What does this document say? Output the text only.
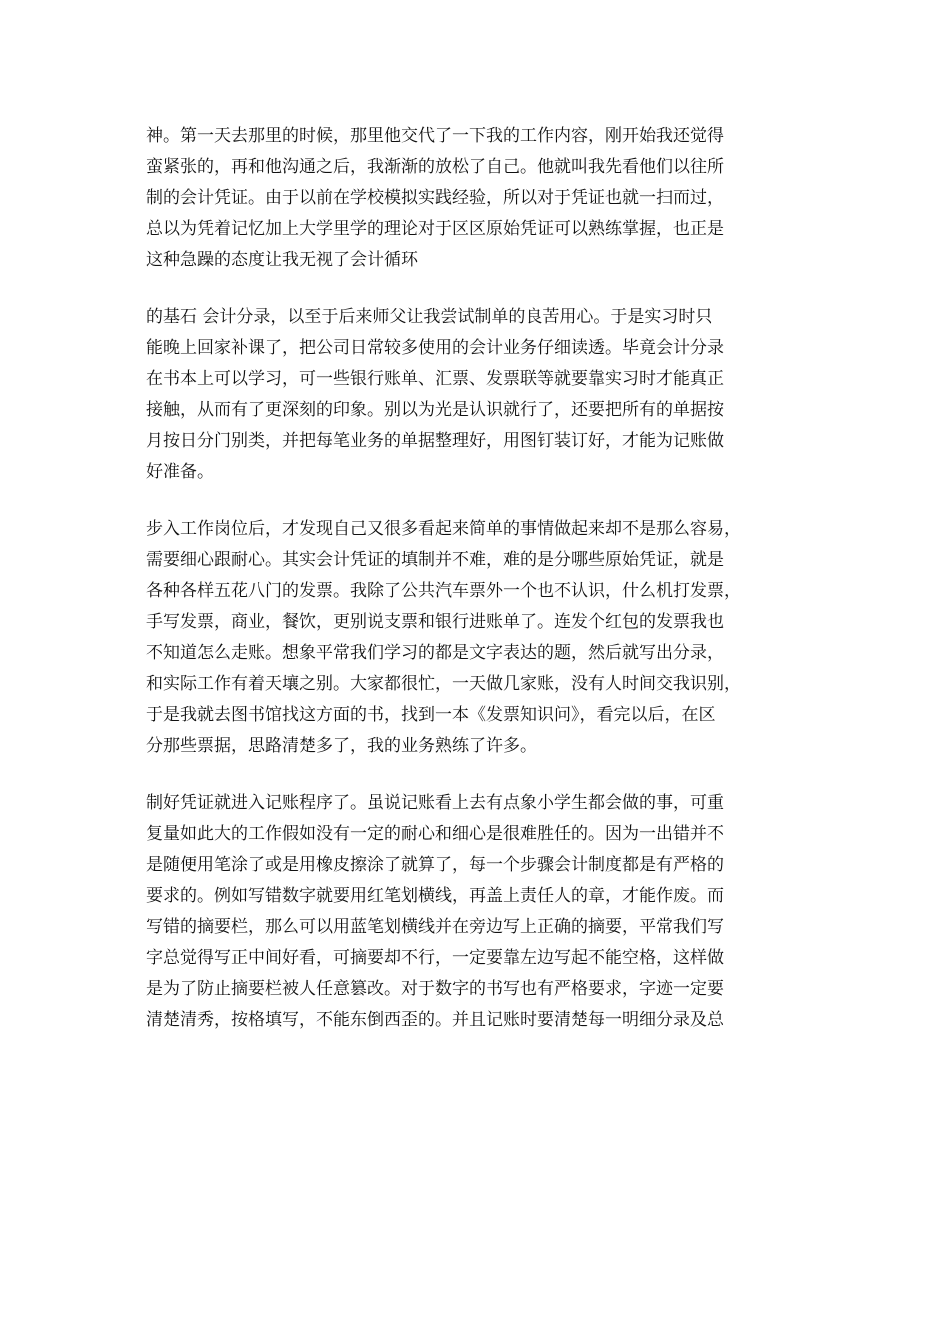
神。第一天去那里的时候，那里他交代了一下我的工作内容，刚开始我还觉得
蛮紧张的，再和他沟通之后，我渐渐的放松了自己。他就叫我先看他们以往所
制的会计凭证。由于以前在学校模拟实践经验，所以对于凭证也就一扫而过，
总以为凭着记忆加上大学里学的理论对于区区原始凭证可以熟练掌握，也正是
这种急躁的态度让我无视了会计循环
的基石 会计分录，以至于后来师父让我尝试制单的良苦用心。于是实习时只
能晚上回家补课了，把公司日常较多使用的会计业务仔细读透。毕竟会计分录
在书本上可以学习，可一些银行账单、汇票、发票联等就要靠实习时才能真正
接触，从而有了更深刻的印象。别以为光是认识就行了，还要把所有的单据按
月按日分门别类，并把每笔业务的单据整理好，用图钉装订好，才能为记账做
好准备。
步入工作岗位后，才发现自己又很多看起来简单的事情做起来却不是那么容易，
需要细心跟耐心。其实会计凭证的填制并不难，难的是分哪些原始凭证，就是
各种各样五花八门的发票。我除了公共汽车票外一个也不认识，什么机打发票，
手写发票，商业，餐饮，更别说支票和银行进账单了。连发个红包的发票我也
不知道怎么走账。想象平常我们学习的都是文字表达的题，然后就写出分录，
和实际工作有着天壤之别。大家都很忙，一天做几家账，没有人时间交我识别，
于是我就去图书馆找这方面的书，找到一本《发票知识问》，看完以后，在区
分那些票据，思路清楚多了，我的业务熟练了许多。
制好凭证就进入记账程序了。虽说记账看上去有点象小学生都会做的事，可重
复量如此大的工作假如没有一定的耐心和细心是很难胜任的。因为一出错并不
是随便用笔涂了或是用橡皮擦涂了就算了，每一个步骤会计制度都是有严格的
要求的。例如写错数字就要用红笔划横线，再盖上责任人的章，才能作废。而
写错的摘要栏，那么可以用蓝笔划横线并在旁边写上正确的摘要，平常我们写
字总觉得写正中间好看，可摘要却不行，一定要靠左边写起不能空格，这样做
是为了防止摘要栏被人任意篡改。对于数字的书写也有严格要求，字迹一定要
清楚清秀，按格填写，不能东倒西歪的。并且记账时要清楚每一明细分录及总
